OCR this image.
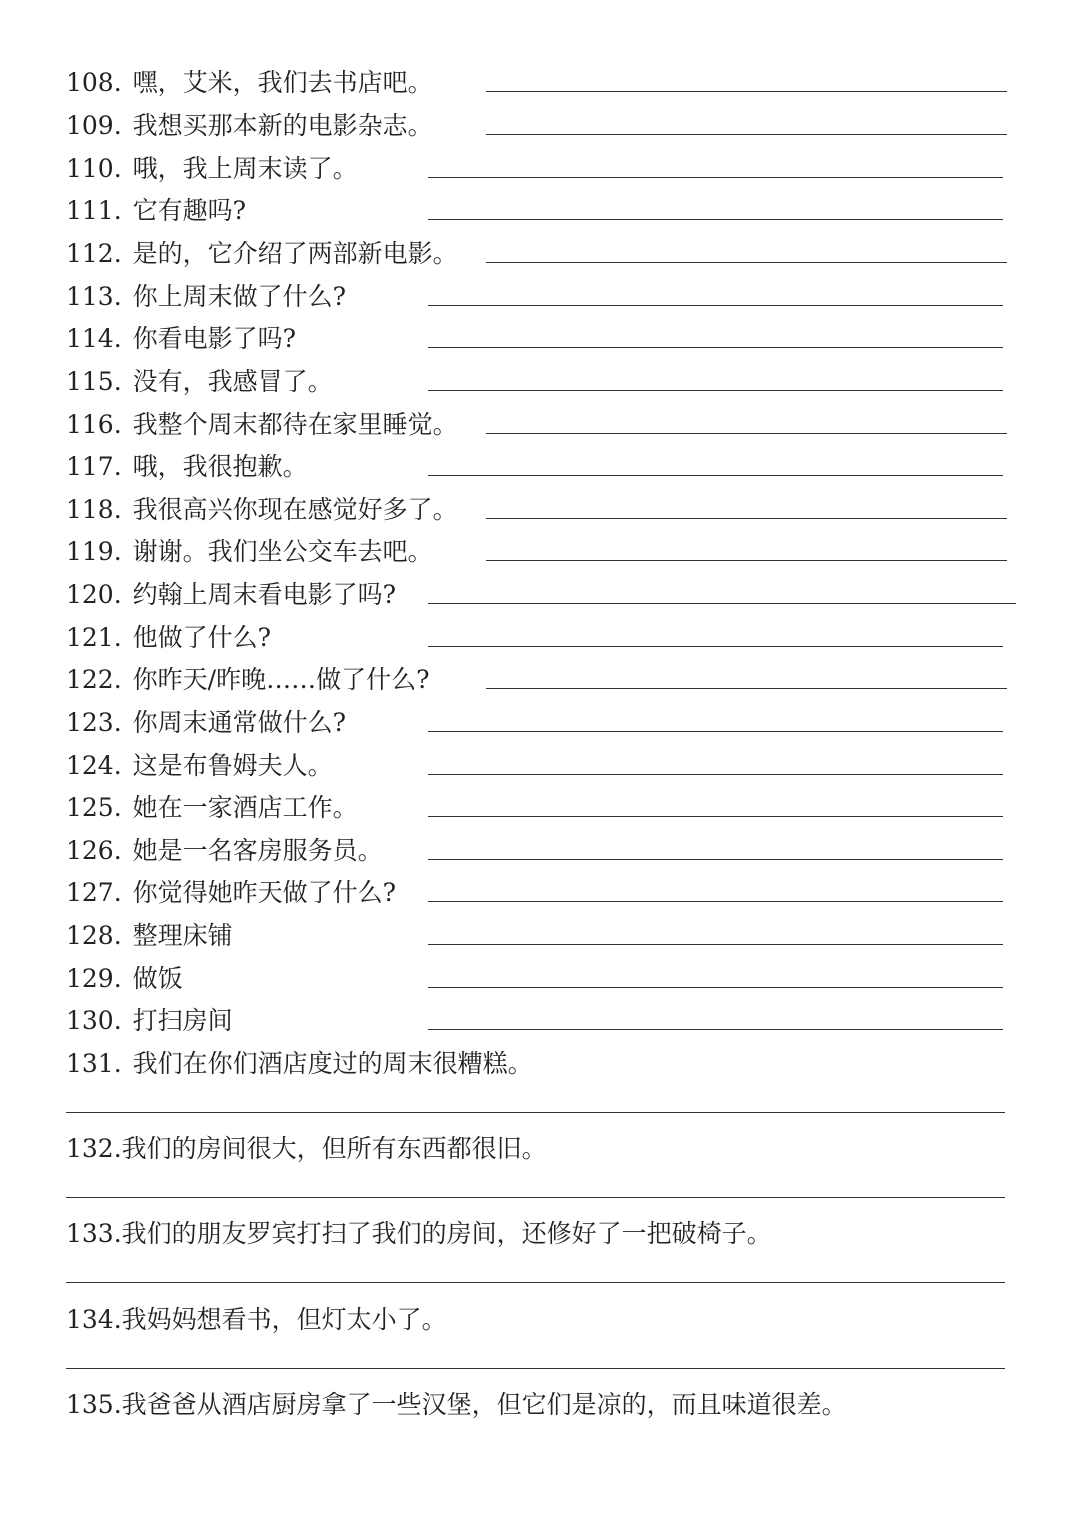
108. 嘿，艾米，我们去书店吧。
109. 我想买那本新的电影杂志。
110. 哦，我上周末读了。
111. 它有趣吗?
112. 是的，它介绍了两部新电影。
113. 你上周末做了什么?
114. 你看电影了吗?
115. 没有，我感冒了。
116. 我整个周末都待在家里睡觉。
117. 哦，我很抱歉。
118. 我很高兴你现在感觉好多了。
119. 谢谢。我们坐公交车去吧。
120. 约翰上周末看电影了吗?
121. 他做了什么?
122. 你昨天/昨晚……做了什么?
123. 你周末通常做什么?
124. 这是布鲁姆夫人。
125. 她在一家酒店工作。
126. 她是一名客房服务员。
127. 你觉得她昨天做了什么?
128. 整理床铺
129. 做饭
130. 打扫房间
131. 我们在你们酒店度过的周末很糟糕。
132.我们的房间很大，但所有东西都很旧。
133.我们的朋友罗宾打扫了我们的房间，还修好了一把破椅子。
134.我妈妈想看书，但灯太小了。
135.我爸爸从酒店厨房拿了一些汉堡，但它们是凉的，而且味道很差。
